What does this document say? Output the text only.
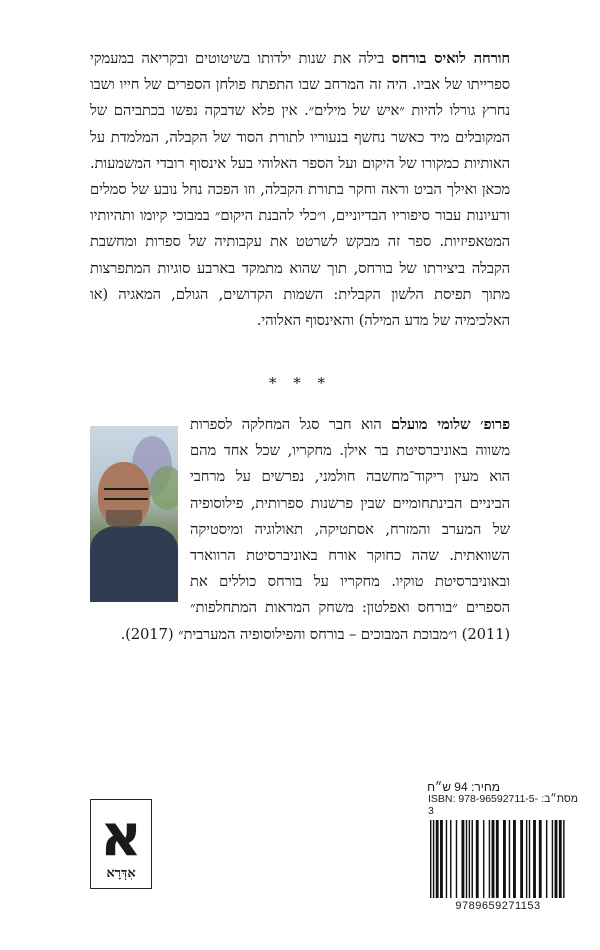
חורחה לואיס בורחס בילה את שנות ילדותו בשיטוטים ובקריאה במעמקי ספרייתו של אביו. היה זה המרחב שבו התפתח פולחן הספרים של חייו ושבו נחרץ גורלו להיות ״איש של מילים״. אין פלא שדבקה נפשו בכתביהם של המקובלים מיד כאשר נחשף בנעוריו לתורת הסוד של הקבלה, המלמדת על האותיות כמקורו של היקום ועל הספר האלוהי בעל אינסוף רובדי המשמעות. מכאן ואילך הביט וראה וחקר בתורת הקבלה, וזו הפכה נחל נובע של סמלים ורעיונות עבור סיפוריו הבדיוניים, ו״כלי להבנת היקום״ במבוכי קיומו ותהיותיו המטאפיזיות. ספר זה מבקש לשרטט את עקבותיה של ספרות ומחשבת הקבלה ביצירתו של בורחס, תוך שהוא מתמקד בארבע סוגיות המתפרצות מתוך תפיסת הלשון הקבלית: השמות הקדושים, הגולם, המאגיה (או האלכימיה של מדע המילה) והאינסוף האלוהי.
* * *
פרופ׳ שלומי מועלם הוא חבר סגל המחלקה לספרות משווה באוניברסיטת בר אילן. מחקריו, שכל אחד מהם הוא מעין ריקוד־מחשבה חולמני, נפרשים על מרחבי הביניים הבינתחומיים שבין פרשנות ספרותית, פילוסופיה של המערב והמזרח, אסתטיקה, תאולוגיה ומיסטיקה השוואתית. שהה כחוקר אורח באוניברסיטת הרווארד ובאוניברסיטת טוקיו. מחקריו על בורחס כוללים את הספרים ״בורחס ואפלטון: משחק המראות המתחלפות״ (2011) ו״מבוכת המבוכים – בורחס והפילוסופיה המערבית״ (2017).
מחיר: 94 ש״ח
ISBN: 978-96592711-5-3
מסת״ב:
9789659271153
א
אִדְּרָא
